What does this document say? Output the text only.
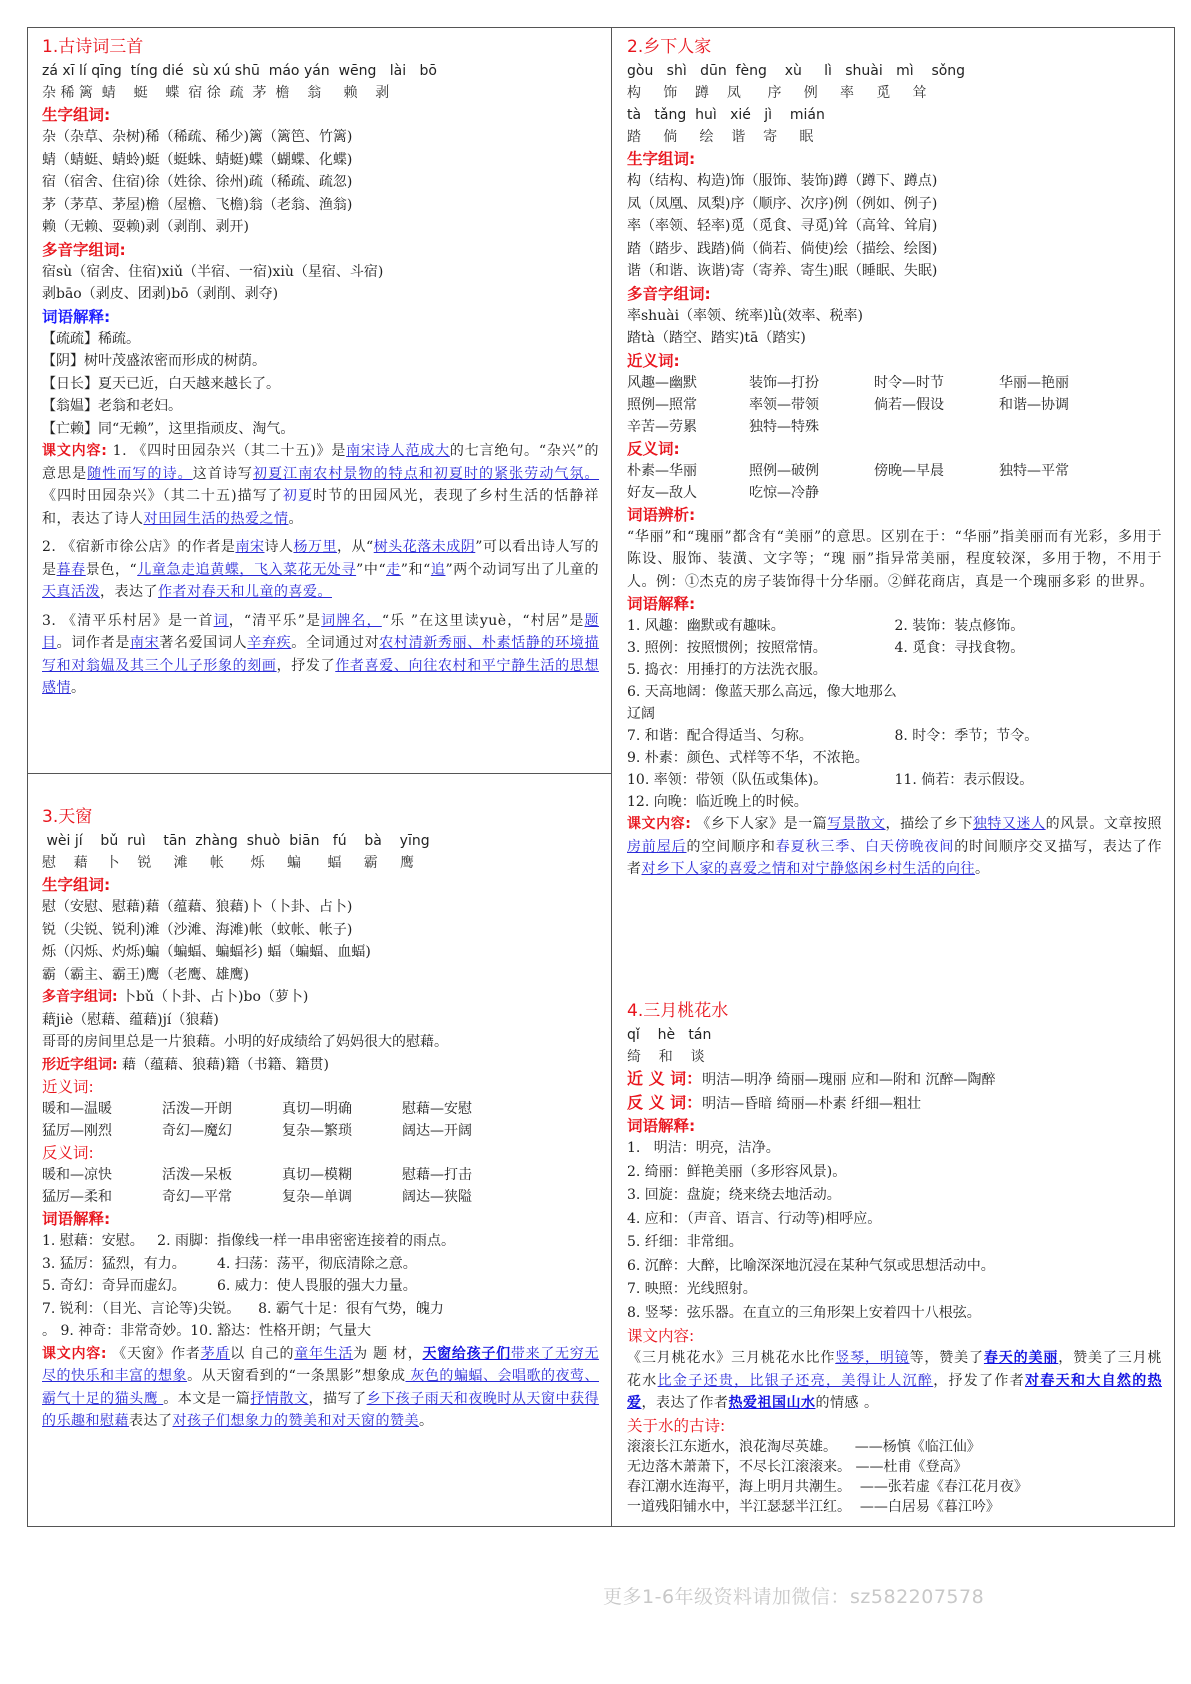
1.古诗词三首
zá xī lí qīng  tíng dié  sù xú shū  máo yán  wēng   lài   bō
杂 稀 篱  蜻    蜓    蝶  宿 徐  疏  茅  檐    翁     赖    剥
生字组词:
杂（杂草、杂树)稀（稀疏、稀少)篱（篱笆、竹篱)
蜻（蜻蜓、蜻蛉)蜓（蜓蛛、蜻蜓)蝶（蝴蝶、化蝶)
宿（宿舍、住宿)徐（姓徐、徐州)疏（稀疏、疏忽)
茅（茅草、茅屋)檐（屋檐、飞檐)翁（老翁、渔翁)
赖（无赖、耍赖)剥（剥削、剥开)
多音字组词:
宿sù（宿舍、住宿)xiǔ（半宿、一宿)xiù（星宿、斗宿)
剥bāo（剥皮、团剥)bō（剥削、剥夺)
词语解释:
【疏疏】稀疏。
【阴】树叶茂盛浓密而形成的树荫。
【日长】夏天已近，白天越来越长了。
【翁媪】老翁和老妇。
【亡赖】同“无赖”，这里指顽皮、淘气。
课文内容: 1. 《四时田园杂兴（其二十五)》是南宋诗人范成大的七言绝句。“杂兴”的意思是随性而写的诗。这首诗写初夏江南农村景物的特点和初夏时的紧张劳动气氛。《四时田园杂兴》（其二十五)描写了初夏时节的田园风光，表现了乡村生活的恬静祥和，表达了诗人对田园生活的热爱之情。
2. 《宿新市徐公店》的作者是南宋诗人杨万里，从“树头花落未成阴”可以看出诗人写的是暮春景色，“儿童急走追黄蝶，飞入菜花无处寻”中“走”和“追”两个动词写出了儿童的天真活泼，表达了作者对春天和儿童的喜爱。
3. 《清平乐村居》是一首词，“清平乐”是词牌名，“乐 ”在这里读yuè，“村居”是题目。词作者是南宋著名爱国词人辛弃疾。全词通过对农村清新秀丽、朴素恬静的环境描写和对翁媪及其三个儿子形象的刻画，抒发了作者喜爱、向往农村和平宁静生活的思想感情。
3.天窗
wèi jí    bǔ  ruì    tān  zhàng  shuò  biān   fú    bà    yīng
慰    藉    卜    锐     滩     帐      烁     蝙      蝠     霸     鹰
生字组词:
慰（安慰、慰藉)藉（蕴藉、狼藉)卜（卜卦、占卜)
锐（尖锐、锐利)滩（沙滩、海滩)帐（蚊帐、帐子)
烁（闪烁、灼烁)蝙（蝙蝠、蝙蝠衫) 蝠（蝙蝠、血蝠)
霸（霸主、霸王)鹰（老鹰、雄鹰)
多音字组词: 卜bǔ（卜卦、占卜)bo（萝卜)
藉jiè（慰藉、蕴藉)jí（狼藉)
哥哥的房间里总是一片狼藉。小明的好成绩给了妈妈很大的慰藉。
形近字组词: 藉（蕴藉、狼藉)籍（书籍、籍贯)
近义词:
暖和—温暖	活泼—开朗	真切—明确	慰藉—安慰
猛厉—刚烈	奇幻—魔幻	复杂—繁琐	阔达—开阔
反义词:
暖和—凉快	活泼—呆板	真切—模糊	慰藉—打击
猛厉—柔和	奇幻—平常	复杂—单调	阔达—狭隘
词语解释:
1. 慰藉：安慰。   2. 雨脚：指像线一样一串串密密连接着的雨点。
3. 猛厉：猛烈，有力。       4. 扫荡：荡平，彻底清除之意。
5. 奇幻：奇异而虚幻。       6. 威力：使人畏服的强大力量。
7. 锐利：（目光、言论等)尖锐。    8. 霸气十足：很有气势，魄力
。 9. 神奇：非常奇妙。10. 豁达：性格开朗；气量大
课文内容: 《天窗》作者茅盾以 自己的童年生活为 题 材，天窗给孩子们带来了无穷无尽的快乐和丰富的想象。从天窗看到的“一条黑影”想象成 灰色的蝙蝠、会唱歌的夜莺、霸气十足的猫头鹰 。本文是一篇抒情散文，描写了乡下孩子雨天和夜晚时从天窗中获得的乐趣和慰藉表达了对孩子们想象力的赞美和对天窗的赞美。
2.乡下人家
gòu   shì   dūn  fèng    xù     lì   shuài   mì    sǒng
构     饰    蹲    凤      序     例     率     觅     耸
tà   tǎng  huì   xié   jì    mián
踏     倘     绘    谐    寄     眠
生字组词:
构（结构、构造)饰（服饰、装饰)蹲（蹲下、蹲点)
凤（凤凰、凤梨)序（顺序、次序)例（例如、例子)
率（率领、轻率)觅（觅食、寻觅)耸（高耸、耸肩)
踏（踏步、践踏)倘（倘若、倘使)绘（描绘、绘图)
谐（和谐、诙谐)寄（寄养、寄生)眠（睡眠、失眠)
多音字组词:
率shuài（率领、统率)lǜ(效率、税率)
踏tà（踏空、踏实)tā（踏实)
近义词:
风趣—幽默	装饰—打扮	时令—时节	华丽—艳丽
照例—照常	率领—带领	倘若—假设	和谐—协调
辛苦—劳累	独特—特殊
反义词:
朴素—华丽	照例—破例	傍晚—早晨	独特—平常
好友—敌人	吃惊—冷静
词语辨析:
“华丽”和“瑰丽”都含有“美丽”的意思。区别在于：“华丽”指美丽而有光彩，多用于陈设、服饰、装潢、文字等；“瑰 丽”指异常美丽，程度较深，多用于物，不用于人。例：①杰克的房子装饰得十分华丽。②鲜花商店，真是一个瑰丽多彩 的世界。
词语解释:
1. 风趣：幽默或有趣味。	2. 装饰：装点修饰。
3. 照例：按照惯例；按照常情。	4. 觅食：寻找食物。
5. 捣衣：用捶打的方法洗衣服。
6. 天高地阔：像蓝天那么高远，像大地那么辽阔
7. 和谐：配合得适当、匀称。	8. 时令：季节；节令。
9. 朴素：颜色、式样等不华，不浓艳。
10. 率领：带领（队伍或集体)。	11. 倘若：表示假设。
12. 向晚：临近晚上的时候。
课文内容: 《乡下人家》是一篇写景散文，描绘了乡下独特又迷人的风景。文章按照房前屋后的空间顺序和春夏秋三季、白天傍晚夜间的时间顺序交叉描写，表达了作者对乡下人家的喜爱之情和对宁静悠闲乡村生活的向往。
4.三月桃花水
qǐ    hè   tán
绮    和    谈
近 义 词：明洁—明净 绮丽—瑰丽 应和—附和 沉醉—陶醉
反 义 词：明洁—昏暗 绮丽—朴素 纤细—粗壮
词语解释:
1.   明洁：明亮，洁净。
2. 绮丽：鲜艳美丽（多形容风景)。
3. 回旋：盘旋；绕来绕去地活动。
4. 应和：（声音、语言、行动等)相呼应。
5. 纤细：非常细。
6. 沉醉：大醉，比喻深深地沉浸在某种气氛或思想活动中。
7. 映照：光线照射。
8. 竖琴：弦乐器。在直立的三角形架上安着四十八根弦。
课文内容:
《三月桃花水》三月桃花水比作竖琴，明镜等，赞美了春天的美丽，赞美了三月桃花水比金子还贵，比银子还亮，美得让人沉醉，抒发了作者对春天和大自然的热爱，表达了作者热爱祖国山水的情感 。
关于水的古诗:
滚滚长江东逝水，浪花淘尽英雄。    ——杨慎《临江仙》
无边落木萧萧下，不尽长江滚滚来。 ——杜甫《登高》
春江潮水连海平，海上明月共潮生。  ——张若虚《春江花月夜》
一道残阳铺水中，半江瑟瑟半江红。  ——白居易《暮江吟》
更多1-6年级资料请加微信：sz582207578
